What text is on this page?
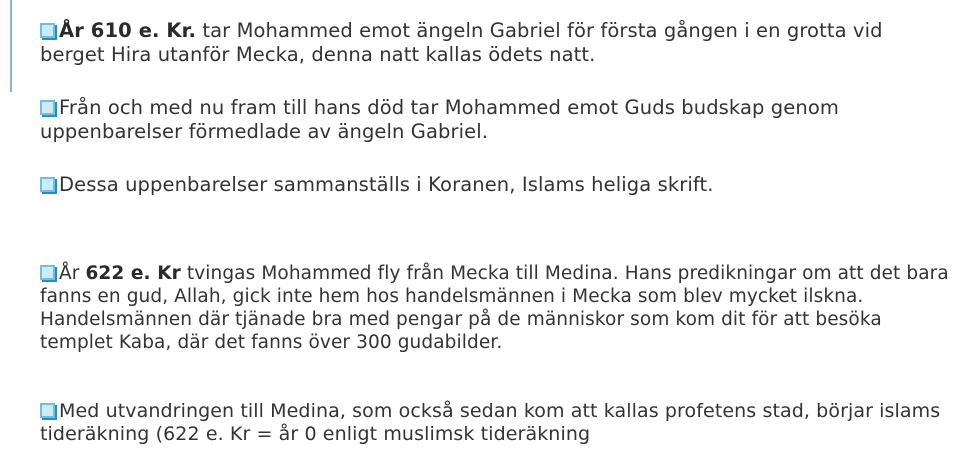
År 610 e. Kr. tar Mohammed emot ängeln Gabriel för första gången i en grotta vid berget Hira utanför Mecka, denna natt kallas ödets natt.
Från och med nu fram till hans död tar Mohammed emot Guds budskap genom uppenbarelser förmedlade av ängeln Gabriel.
Dessa uppenbarelser sammanställs i Koranen, Islams heliga skrift.
År 622 e. Kr tvingas Mohammed fly från Mecka till Medina. Hans predikningar om att det bara fanns en gud, Allah, gick inte hem hos handelsmännen i Mecka som blev mycket ilskna. Handelsmännen där tjänade bra med pengar på de människor som kom dit för att besöka templet Kaba, där det fanns över 300 gudabilder.
Med utvandringen till Medina, som också sedan kom att kallas profetens stad, börjar islams tideräkning (622 e. Kr = år 0 enligt muslimsk tideräkning
